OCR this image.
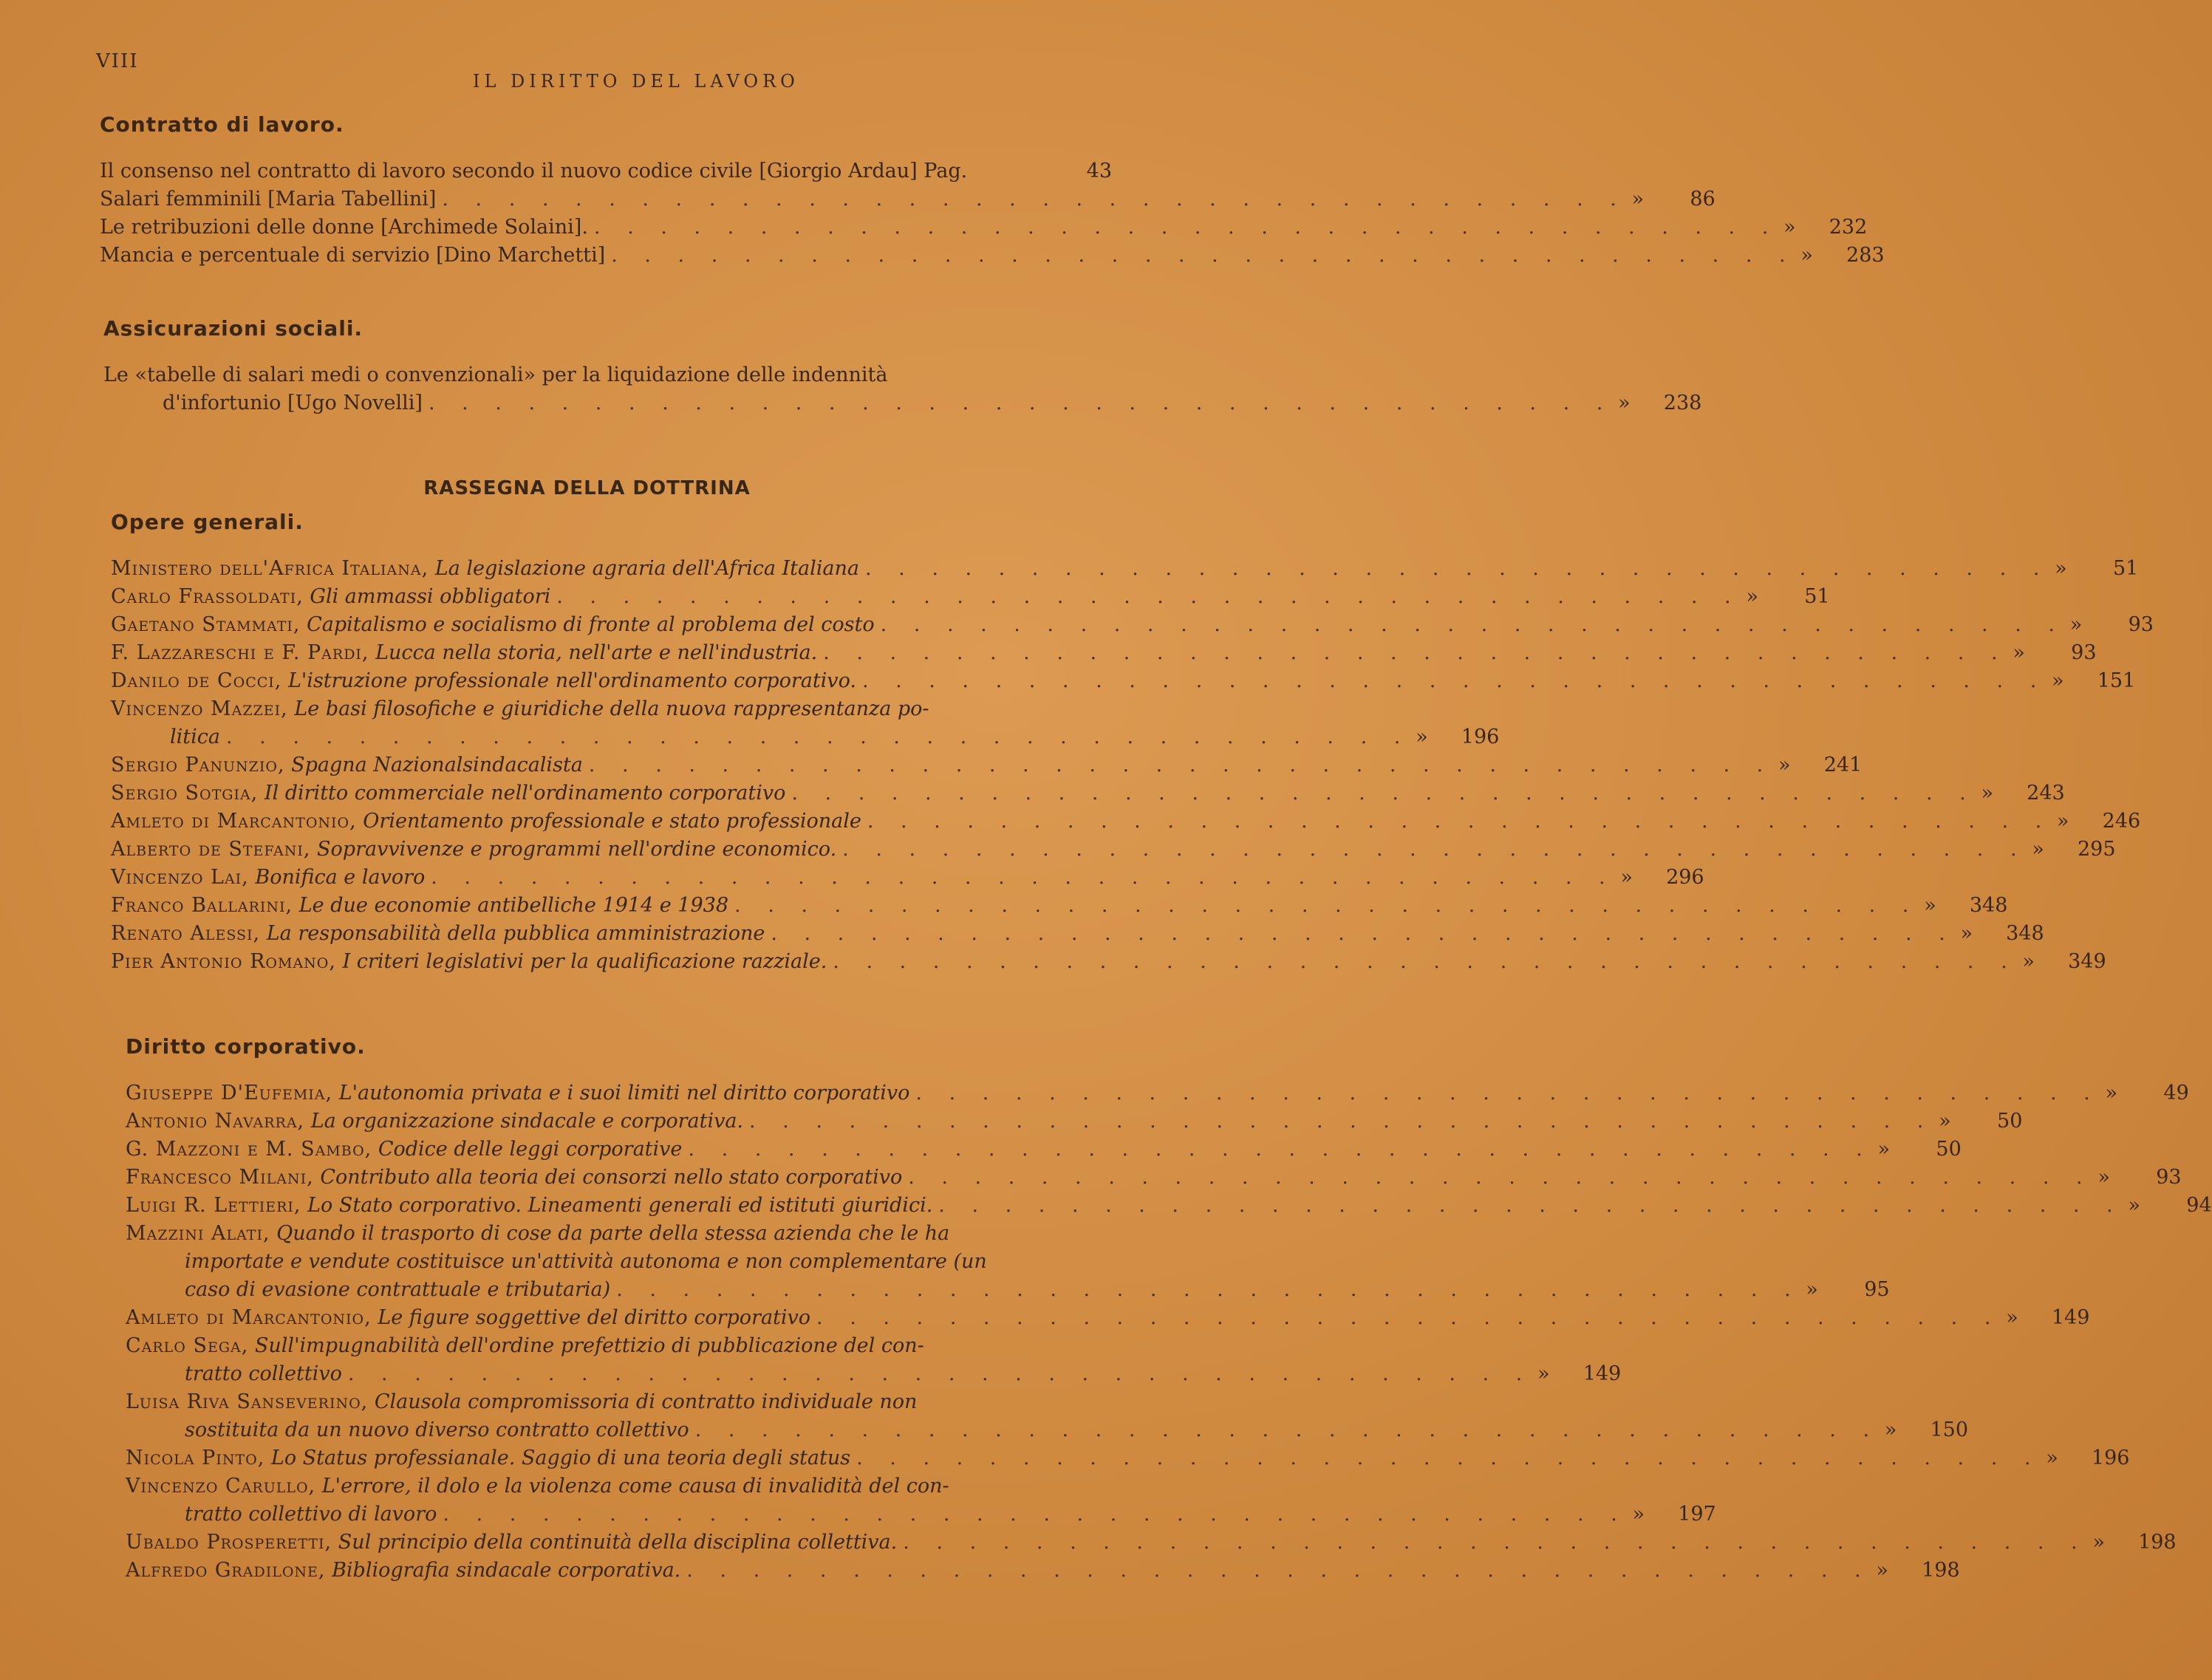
VIII
IL DIRITTO DEL LAVORO
Contratto di lavoro.
Il consenso nel contratto di lavoro secondo il nuovo codice civile [Giorgio Ardau] Pag.	43
Salari femminili [Maria Tabellini] . . . . . . . . . . . . . . . . . . . . . . . . . . . . . . . . . . . . »	86
Le retribuzioni delle donne [Archimede Solaini]. . . . . . . . . . . . . . . . . . . . . . . . . . . . . . . . . . . . . »	232
Mancia e percentuale di servizio [Dino Marchetti] . . . . . . . . . . . . . . . . . . . . . . . . . . . . . . . . . . . . »	283
Assicurazioni sociali.
Le «tabelle di salari medi o convenzionali» per la liquidazione delle indennità
d'infortunio [Ugo Novelli] . . . . . . . . . . . . . . . . . . . . . . . . . . . . . . . . . . . . »	238
RASSEGNA DELLA DOTTRINA
Opere generali.
Ministero dell'Africa Italiana, La legislazione agraria dell'Africa Italiana . . . . . . . . . . . . . . . . . . . . . . . . . . . . . . . . . . . . »	51
Carlo Frassoldati, Gli ammassi obbligatori . . . . . . . . . . . . . . . . . . . . . . . . . . . . . . . . . . . . »	51
Gaetano Stammati, Capitalismo e socialismo di fronte al problema del costo . . . . . . . . . . . . . . . . . . . . . . . . . . . . . . . . . . . . »	93
F. Lazzareschi e F. Pardi, Lucca nella storia, nell'arte e nell'industria. . . . . . . . . . . . . . . . . . . . . . . . . . . . . . . . . . . . . »	93
Danilo de Cocci, L'istruzione professionale nell'ordinamento corporativo. . . . . . . . . . . . . . . . . . . . . . . . . . . . . . . . . . . . . »	151
Vincenzo Mazzei, Le basi filosofiche e giuridiche della nuova rappresentanza po-
litica . . . . . . . . . . . . . . . . . . . . . . . . . . . . . . . . . . . . »	196
Sergio Panunzio, Spagna Nazionalsindacalista . . . . . . . . . . . . . . . . . . . . . . . . . . . . . . . . . . . . »	241
Sergio Sotgia, Il diritto commerciale nell'ordinamento corporativo . . . . . . . . . . . . . . . . . . . . . . . . . . . . . . . . . . . . »	243
Amleto di Marcantonio, Orientamento professionale e stato professionale . . . . . . . . . . . . . . . . . . . . . . . . . . . . . . . . . . . . »	246
Alberto de Stefani, Sopravvivenze e programmi nell'ordine economico. . . . . . . . . . . . . . . . . . . . . . . . . . . . . . . . . . . . . »	295
Vincenzo Lai, Bonifica e lavoro . . . . . . . . . . . . . . . . . . . . . . . . . . . . . . . . . . . . »	296
Franco Ballarini, Le due economie antibelliche 1914 e 1938 . . . . . . . . . . . . . . . . . . . . . . . . . . . . . . . . . . . . »	348
Renato Alessi, La responsabilità della pubblica amministrazione . . . . . . . . . . . . . . . . . . . . . . . . . . . . . . . . . . . . »	348
Pier Antonio Romano, I criteri legislativi per la qualificazione razziale. . . . . . . . . . . . . . . . . . . . . . . . . . . . . . . . . . . . . »	349
Diritto corporativo.
Giuseppe D'Eufemia, L'autonomia privata e i suoi limiti nel diritto corporativo . . . . . . . . . . . . . . . . . . . . . . . . . . . . . . . . . . . . »	49
Antonio Navarra, La organizzazione sindacale e corporativa. . . . . . . . . . . . . . . . . . . . . . . . . . . . . . . . . . . . . »	50
G. Mazzoni e M. Sambo, Codice delle leggi corporative . . . . . . . . . . . . . . . . . . . . . . . . . . . . . . . . . . . . »	50
Francesco Milani, Contributo alla teoria dei consorzi nello stato corporativo . . . . . . . . . . . . . . . . . . . . . . . . . . . . . . . . . . . . »	93
Luigi R. Lettieri, Lo Stato corporativo. Lineamenti generali ed istituti giuridici. . . . . . . . . . . . . . . . . . . . . . . . . . . . . . . . . . . . . »	94
Mazzini Alati, Quando il trasporto di cose da parte della stessa azienda che le ha
importate e vendute costituisce un'attività autonoma e non complementare (un
caso di evasione contrattuale e tributaria) . . . . . . . . . . . . . . . . . . . . . . . . . . . . . . . . . . . . »	95
Amleto di Marcantonio, Le figure soggettive del diritto corporativo . . . . . . . . . . . . . . . . . . . . . . . . . . . . . . . . . . . . »	149
Carlo Sega, Sull'impugnabilità dell'ordine prefettizio di pubblicazione del con-
tratto collettivo . . . . . . . . . . . . . . . . . . . . . . . . . . . . . . . . . . . . »	149
Luisa Riva Sanseverino, Clausola compromissoria di contratto individuale non
sostituita da un nuovo diverso contratto collettivo . . . . . . . . . . . . . . . . . . . . . . . . . . . . . . . . . . . . »	150
Nicola Pinto, Lo Status professianale. Saggio di una teoria degli status . . . . . . . . . . . . . . . . . . . . . . . . . . . . . . . . . . . . »	196
Vincenzo Carullo, L'errore, il dolo e la violenza come causa di invalidità del con-
tratto collettivo di lavoro . . . . . . . . . . . . . . . . . . . . . . . . . . . . . . . . . . . . »	197
Ubaldo Prosperetti, Sul principio della continuità della disciplina collettiva. . . . . . . . . . . . . . . . . . . . . . . . . . . . . . . . . . . . . »	198
Alfredo Gradilone, Bibliografia sindacale corporativa. . . . . . . . . . . . . . . . . . . . . . . . . . . . . . . . . . . . . »	198
